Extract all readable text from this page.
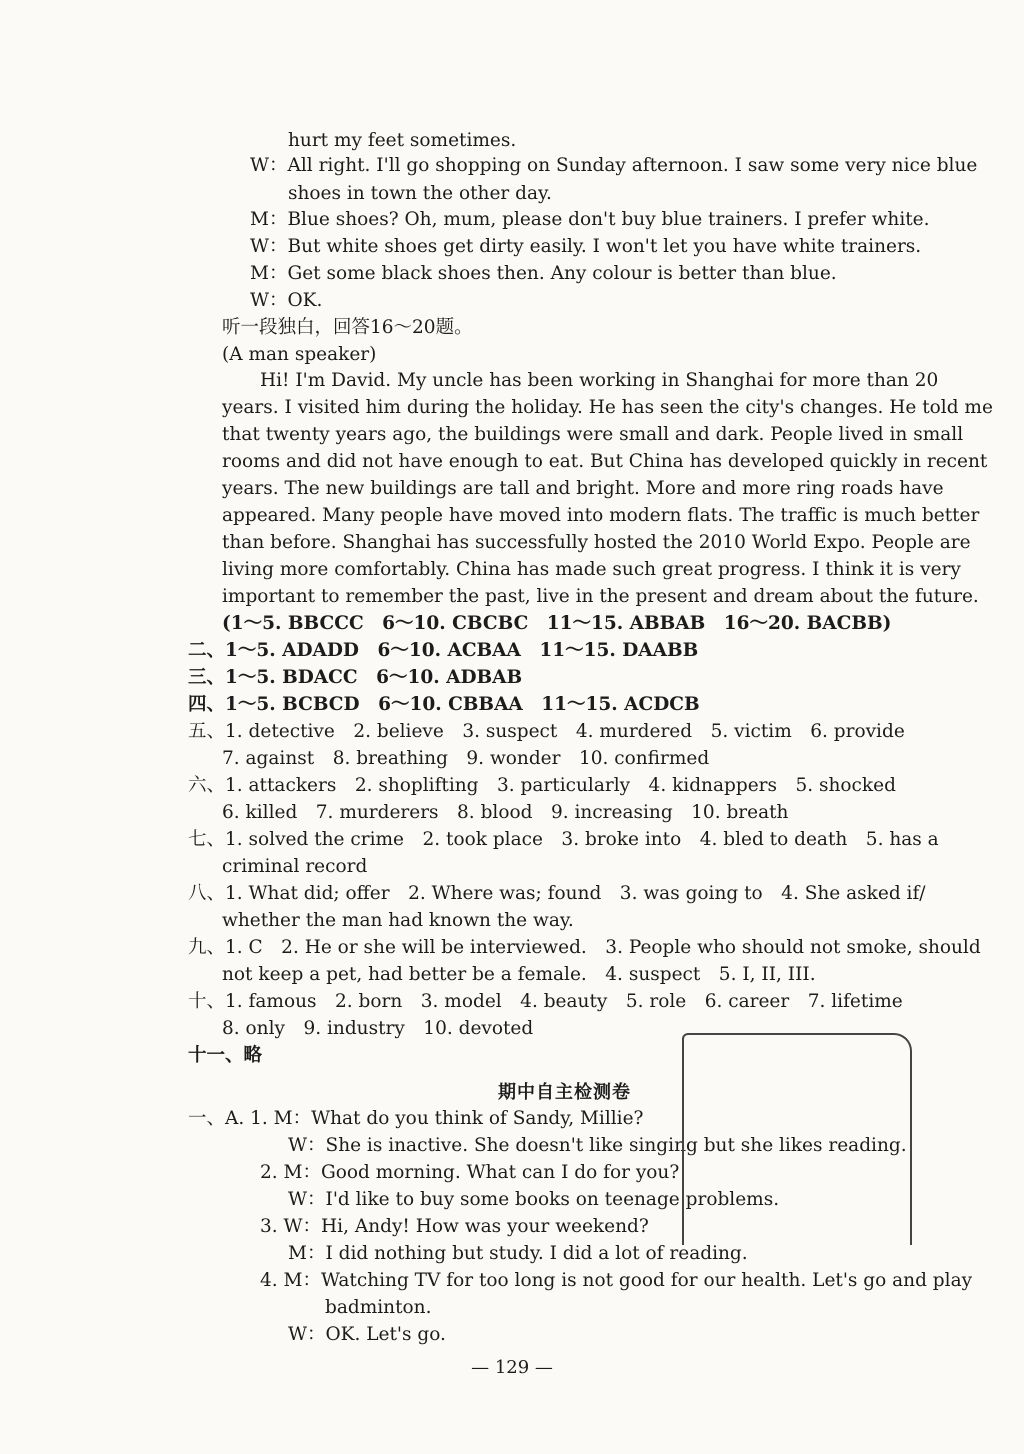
hurt my feet sometimes.
W：All right. I'll go shopping on Sunday afternoon. I saw some very nice blue
shoes in town the other day.
M：Blue shoes? Oh, mum, please don't buy blue trainers. I prefer white.
W：But white shoes get dirty easily. I won't let you have white trainers.
M：Get some black shoes then. Any colour is better than blue.
W：OK.
听一段独白，回答16～20题。
(A man speaker)
Hi! I'm David. My uncle has been working in Shanghai for more than 20
years. I visited him during the holiday. He has seen the city's changes. He told me
that twenty years ago, the buildings were small and dark. People lived in small
rooms and did not have enough to eat. But China has developed quickly in recent
years. The new buildings are tall and bright. More and more ring roads have
appeared. Many people have moved into modern flats. The traffic is much better
than before. Shanghai has successfully hosted the 2010 World Expo. People are
living more comfortably. China has made such great progress. I think it is very
important to remember the past, live in the present and dream about the future.
(1～5. BBCCC　6～10. CBCBC　11～15. ABBAB　16～20. BACBB)
二、1～5. ADADD　6～10. ACBAA　11～15. DAABB
三、1～5. BDACC　6～10. ADBAB
四、1～5. BCBCD　6～10. CBBAA　11～15. ACDCB
五、1. detective　2. believe　3. suspect　4. murdered　5. victim　6. provide
7. against　8. breathing　9. wonder　10. confirmed
六、1. attackers　2. shoplifting　3. particularly　4. kidnappers　5. shocked
6. killed　7. murderers　8. blood　9. increasing　10. breath
七、1. solved the crime　2. took place　3. broke into　4. bled to death　5. has a
criminal record
八、1. What did; offer　2. Where was; found　3. was going to　4. She asked if/
whether the man had known the way.
九、1. C　2. He or she will be interviewed.　3. People who should not smoke, should
not keep a pet, had better be a female.　4. suspect　5. I, II, III.
十、1. famous　2. born　3. model　4. beauty　5. role　6. career　7. lifetime
8. only　9. industry　10. devoted
十一、略
期中自主检测卷
一、A. 1. M：What do you think of Sandy, Millie?
W：She is inactive. She doesn't like singing but she likes reading.
2. M：Good morning. What can I do for you?
W：I'd like to buy some books on teenage problems.
3. W：Hi, Andy! How was your weekend?
M：I did nothing but study. I did a lot of reading.
4. M：Watching TV for too long is not good for our health. Let's go and play
badminton.
W：OK. Let's go.
— 129 —
